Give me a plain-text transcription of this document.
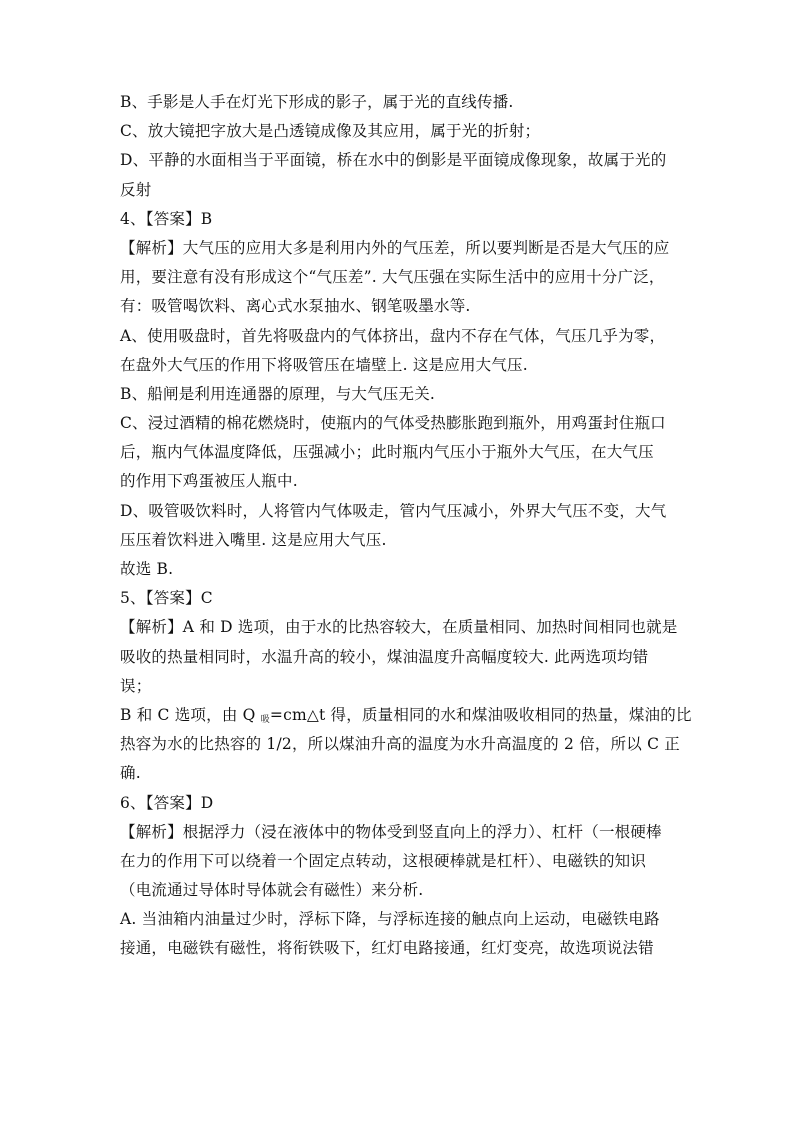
B、手影是人手在灯光下形成的影子，属于光的直线传播.
C、放大镜把字放大是凸透镜成像及其应用，属于光的折射；
D、平静的水面相当于平面镜，桥在水中的倒影是平面镜成像现象，故属于光的
反射
4、【答案】B
【解析】大气压的应用大多是利用内外的气压差，所以要判断是否是大气压的应
用，要注意有没有形成这个“气压差”. 大气压强在实际生活中的应用十分广泛，
有：吸管喝饮料、离心式水泵抽水、钢笔吸墨水等.
A、使用吸盘时，首先将吸盘内的气体挤出，盘内不存在气体，气压几乎为零，
在盘外大气压的作用下将吸管压在墙壁上. 这是应用大气压.
B、船闸是利用连通器的原理，与大气压无关.
C、浸过酒精的棉花燃烧时，使瓶内的气体受热膨胀跑到瓶外，用鸡蛋封住瓶口
后，瓶内气体温度降低，压强减小；此时瓶内气压小于瓶外大气压，在大气压
的作用下鸡蛋被压人瓶中.
D、吸管吸饮料时，人将管内气体吸走，管内气压减小，外界大气压不变，大气
压压着饮料进入嘴里. 这是应用大气压.
故选 B.
5、【答案】C
【解析】A 和 D 选项，由于水的比热容较大，在质量相同、加热时间相同也就是
吸收的热量相同时，水温升高的较小，煤油温度升高幅度较大. 此两选项均错
误；
B 和 C 选项，由 Q $_吸$=cm△t 得，质量相同的水和煤油吸收相同的热量，煤油的比
热容为水的比热容的 1/2，所以煤油升高的温度为水升高温度的 2 倍，所以 C 正
确.
6、【答案】D
【解析】根据浮力（浸在液体中的物体受到竖直向上的浮力）、杠杆（一根硬棒
在力的作用下可以绕着一个固定点转动，这根硬棒就是杠杆）、电磁铁的知识
（电流通过导体时导体就会有磁性）来分析.
A. 当油箱内油量过少时，浮标下降，与浮标连接的触点向上运动，电磁铁电路
接通，电磁铁有磁性，将衔铁吸下，红灯电路接通，红灯变亮，故选项说法错
